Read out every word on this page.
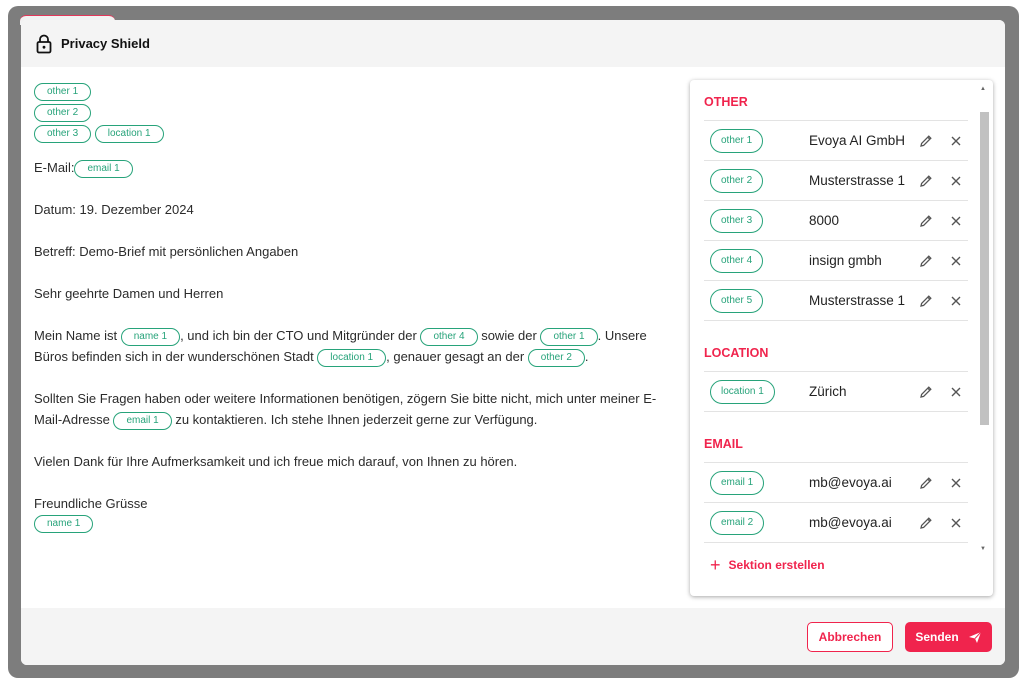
Privacy Shield
other 1
other 2
other 3	location 1
E-Mail: email 1
Datum: 19. Dezember 2024
Betreff: Demo-Brief mit persönlichen Angaben
Sehr geehrte Damen und Herren
Mein Name ist name 1 , und ich bin der CTO und Mitgründer der other 4 sowie der other 1 . Unsere Büros befinden sich in der wunderschönen Stadt location 1 , genauer gesagt an der other 2 .
Sollten Sie Fragen haben oder weitere Informationen benötigen, zögern Sie bitte nicht, mich unter meiner E-Mail-Adresse email 1 zu kontaktieren. Ich stehe Ihnen jederzeit gerne zur Verfügung.
Vielen Dank für Ihre Aufmerksamkeit und ich freue mich darauf, von Ihnen zu hören.
Freundliche Grüsse
name 1
OTHER
other 1	Evoya AI GmbH
other 2	Musterstrasse 1
other 3	8000
other 4	insign gmbh
other 5	Musterstrasse 1
LOCATION
location 1	Zürich
EMAIL
email 1	mb@evoya.ai
email 2	mb@evoya.ai
▲
▼
+ Sektion erstellen
Abbrechen	Senden
